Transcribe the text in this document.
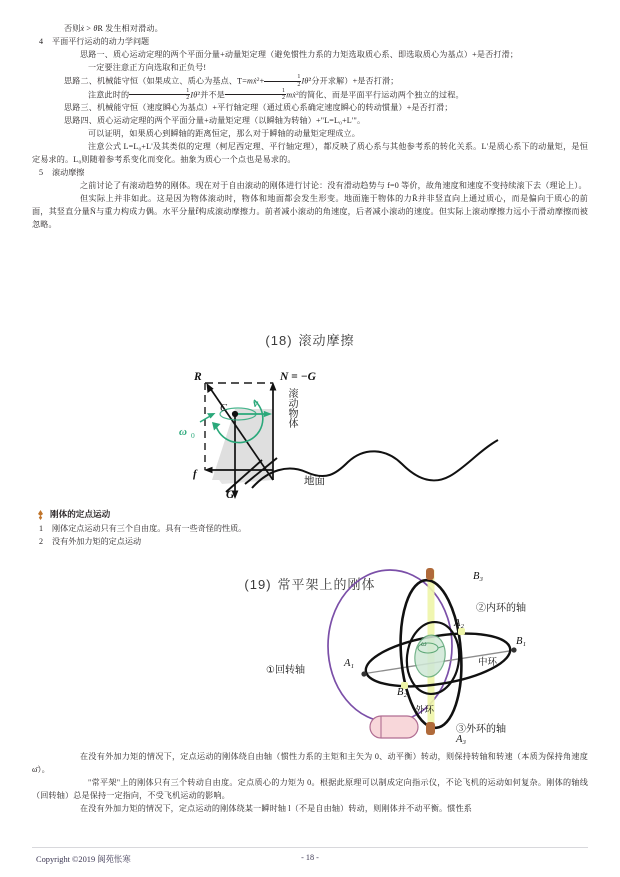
否则ẋ > θ̇R 发生相对滑动。
4	平面平行运动的动力学问题
思路一、质心运动定理的两个平面分量+动量矩定理（避免惯性力系的力矩选取质心系、即选取质心为基点）+是否打滑；
一定要注意正方向选取和正负号!
思路二、机械能守恒（如果成立、质心为基点、T=mẋ$^2$+ $\frac{1}{2}$ Iθ̇$^2$分开求解）+是否打滑；
注意此时的 $\frac{1}{2}$ Iθ̇$^2$并不是 $\frac{1}{2}$ mẋ$^2$的简化、而是平面平行运动两个独立的过程。
思路三、机械能守恒（速度瞬心为基点）+平行轴定理（通过质心系确定速度瞬心的转动惯量）+是否打滑；
思路四、质心运动定理的两个平面分量+动量矩定理（以瞬轴为转轴）+"L=L₀+L'"。
可以证明，如果质心到瞬轴的距离恒定，那么对于瞬轴的动量矩定理成立。
注意公式 L=L₀+L'及其类似的定理（柯尼西定理、平行轴定理），都反映了质心系与其他参考系的转化关系。L'是质心系下的动量矩，是恒定易求的。L₀则随着参考系变化而变化。抽象为质心一个点也是易求的。
5	滚动摩擦
之前讨论了有滚动趋势的刚体。现在对于自由滚动的刚体进行讨论：没有滑动趋势与 f=0 等价，故角速度和速度不变持续滚下去（理论上）。
但实际上并非如此。这是因为物体滚动时，物体和地面都会发生形变。地面施于物体的力R̄并非竖直向上通过质心，而是偏向于质心的前面，其竖直分量N̄与重力构成力偶。水平分量f̄构成滚动摩擦力。前者减小滚动的角速度，后者减小滚动的速度。但实际上滚动摩擦力远小于滑动摩擦而被忽略。
(18) 滚动摩擦
R	N = −G
v
ω 0
C
f
G
地面
滚动物体
刚体的定点运动
1	刚体定点运动只有三个自由度。具有一些奇怪的性质。
2	没有外加力矩的定点运动
(19) 常平架上的刚体
B₃
A₃
A₁
B₁
A₂
B₂
ω
②内环的轴
③外环的轴
中环
外环
①回转轴
在没有外加力矩的情况下，定点运动的刚体绕自由轴（惯性力系的主矩和主矢为 0、动平衡）转动，则保持转轴和转速（本质为保持角速度ω̄）。
"常平架"上的刚体只有三个转动自由度。定点质心的力矩为 0。根据此原理可以制成定向指示仪，不论飞机的运动如何复杂。刚体的轴线（回转轴）总是保持一定指向，不受飞机运动的影响。
在没有外加力矩的情况下，定点运动的刚体绕某一瞬时轴 l（不是自由轴）转动，则刚体并不动平衡。惯性系
Copyright ©2019 阆苑怅寒	- 18 -
